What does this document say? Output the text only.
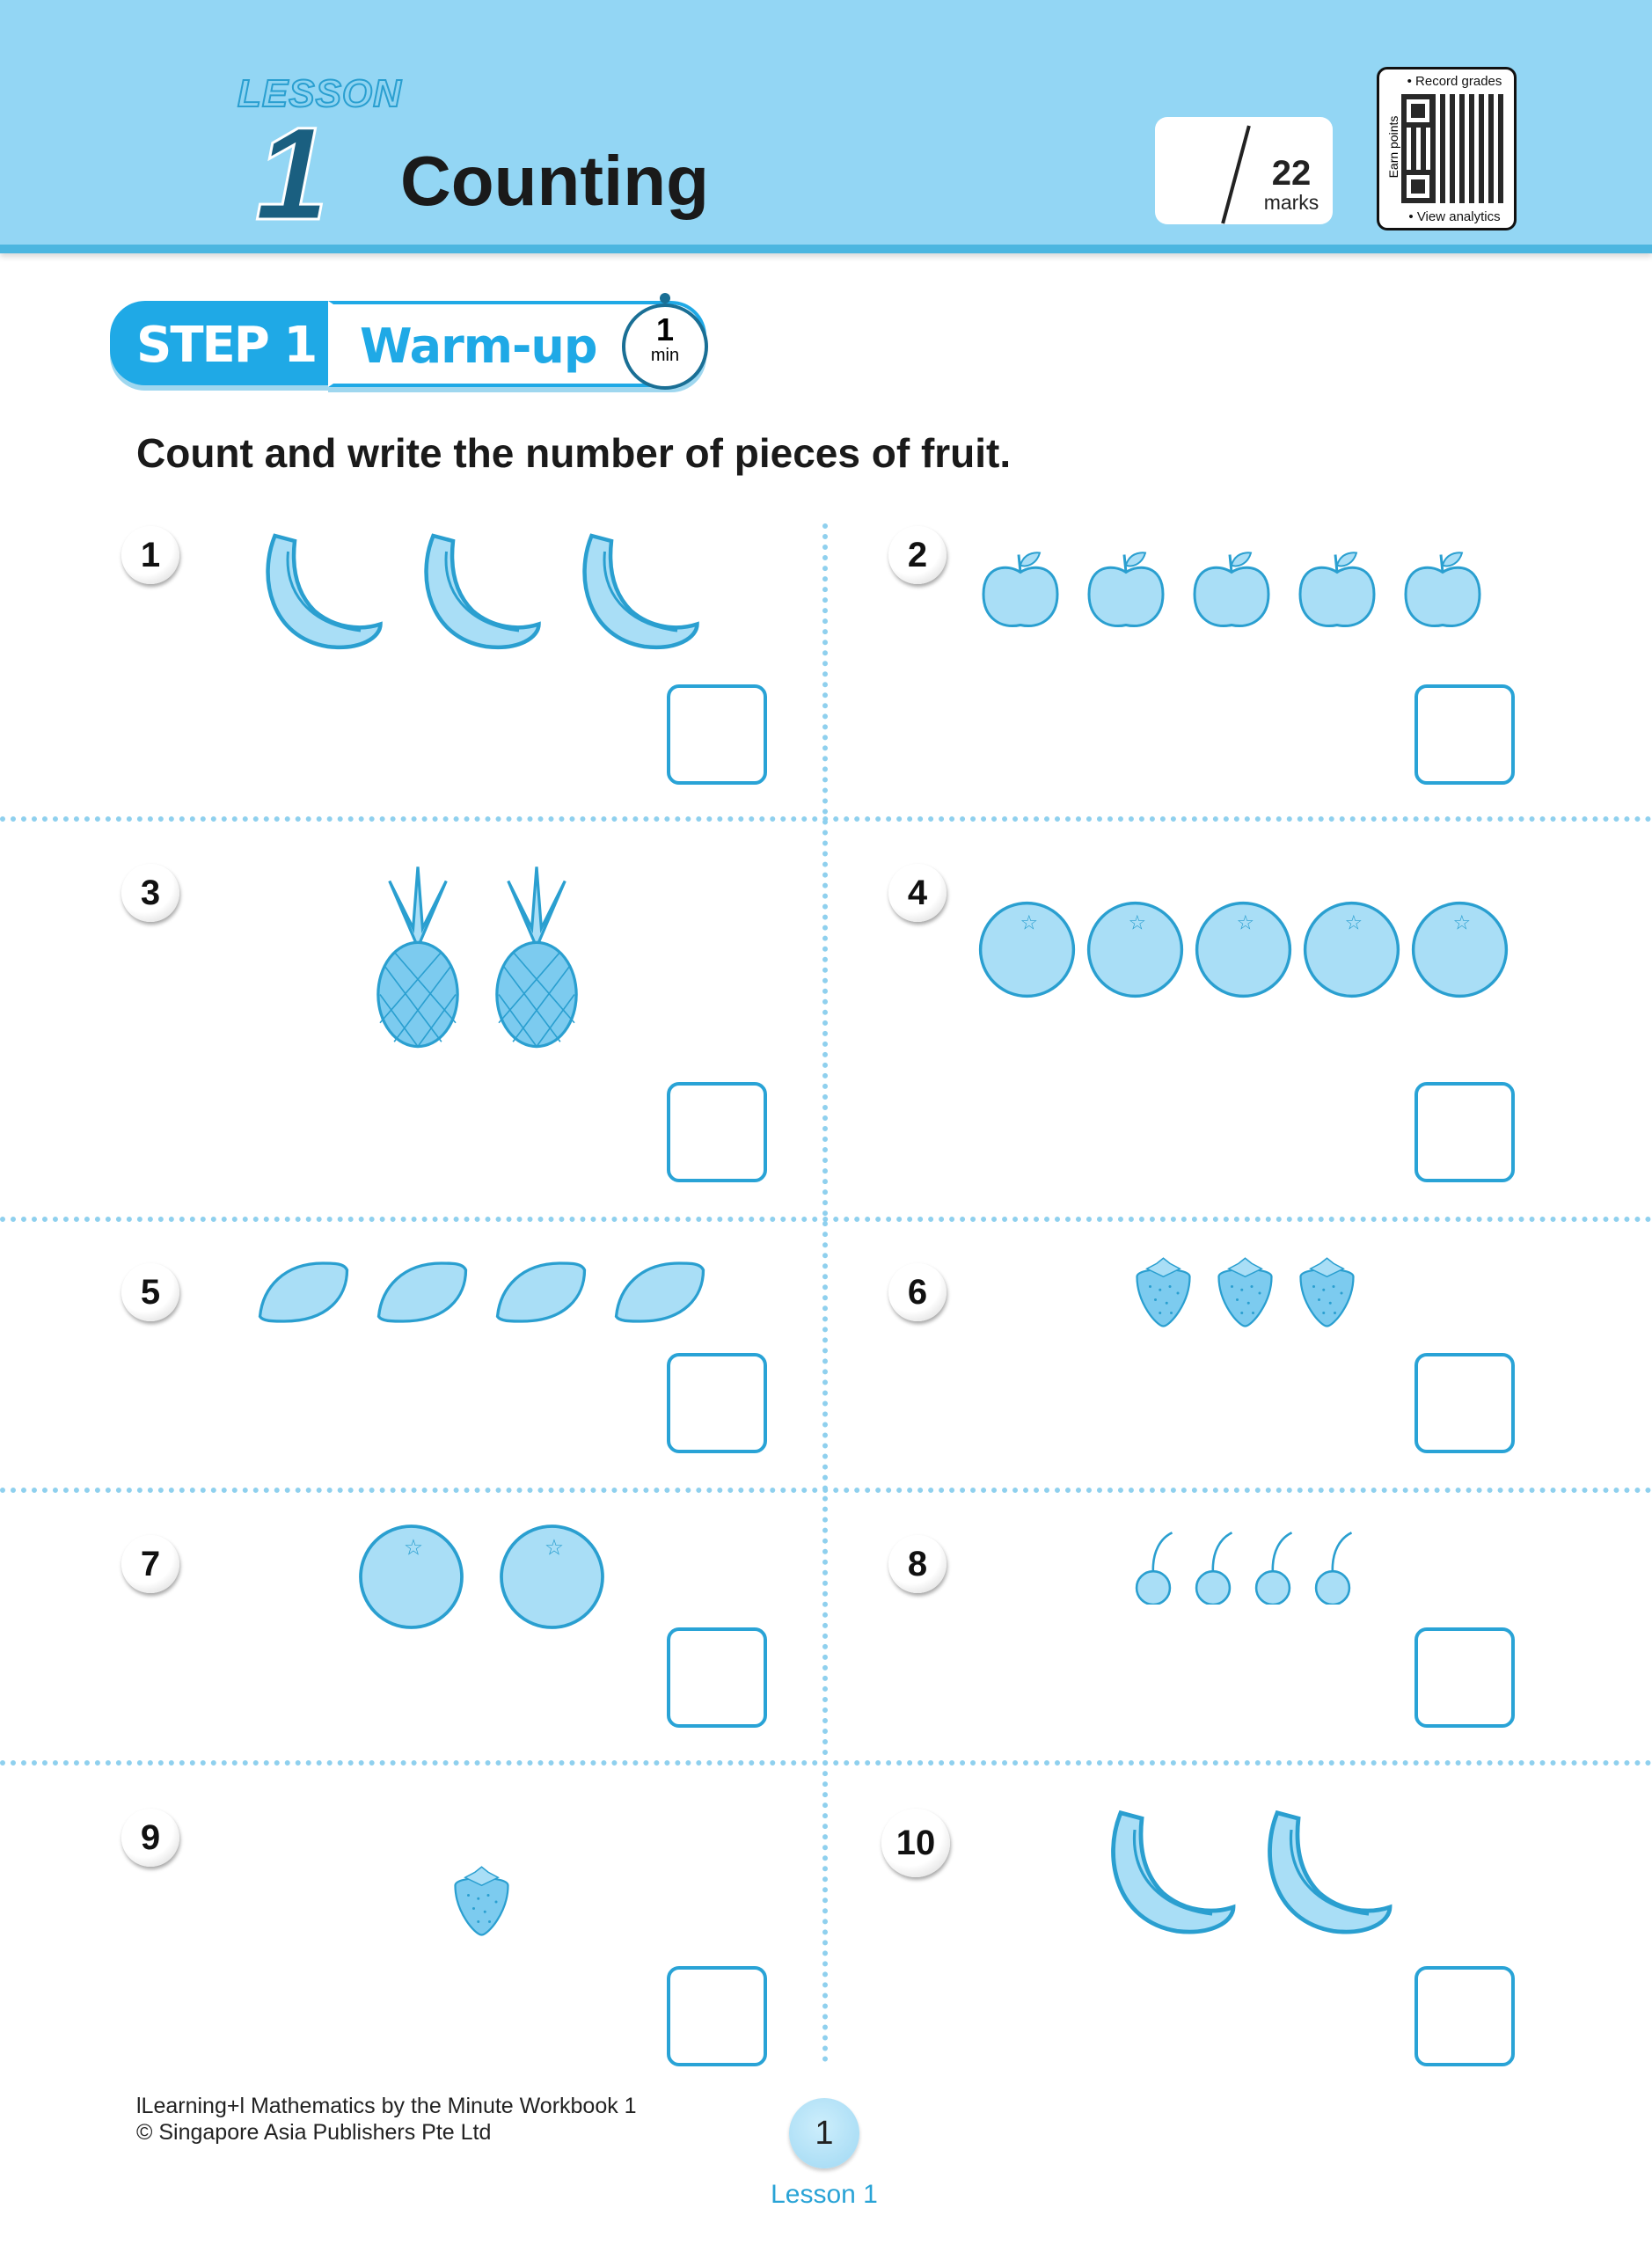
LESSON
1 Counting	22
marks
• Record grades
Earn points
• View analytics
STEP 1 Warm-up	1
min
Count and write the number of pieces of fruit.
1	2
3	4
5	6
7	8
9	10
lLearning+l Mathematics by the Minute Workbook 1
© Singapore Asia Publishers Pte Ltd	1
Lesson 1
